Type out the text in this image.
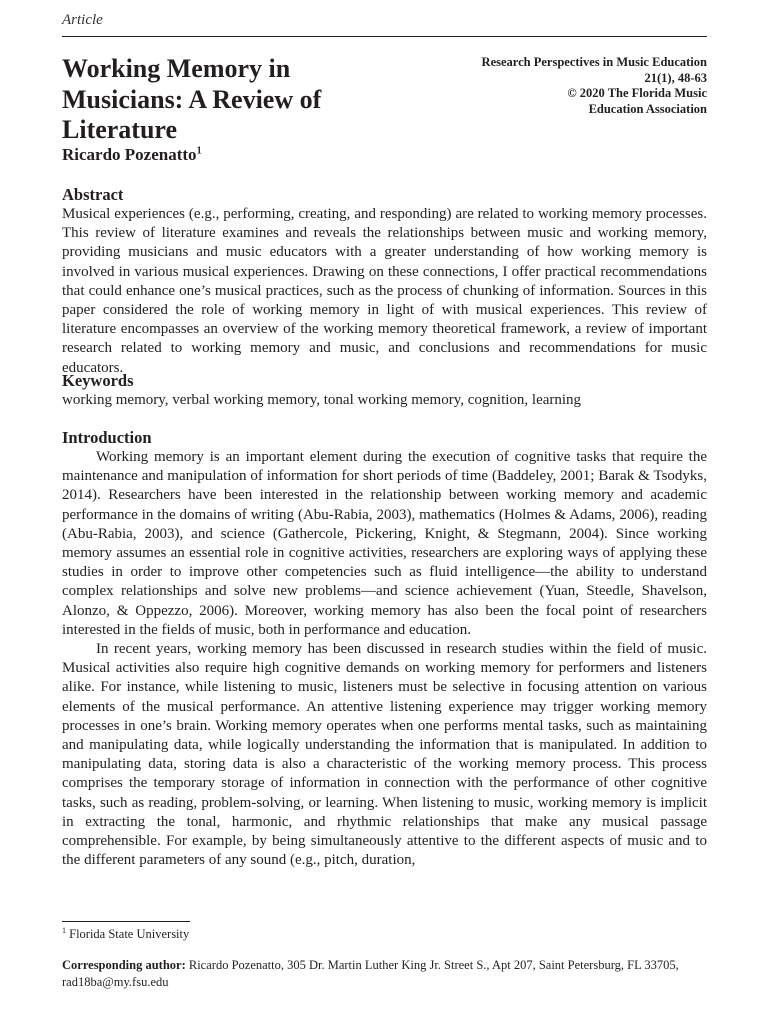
Article
Working Memory in Musicians: A Review of Literature
Research Perspectives in Music Education
21(1), 48-63
© 2020 The Florida Music
Education Association
Ricardo Pozenatto$^1$
Abstract

Musical experiences (e.g., performing, creating, and responding) are related to working memory processes. This review of literature examines and reveals the relationships between music and working memory, providing musicians and music educators with a greater understanding of how working memory is involved in various musical experiences. Drawing on these connections, I offer practical recommendations that could enhance one’s musical practices, such as the process of chunking of information. Sources in this paper considered the role of working memory in light of with musical experiences. This review of literature encompasses an overview of the working memory theoretical framework, a review of important research related to working memory and music, and conclusions and recommendations for music educators.

Keywords

working memory, verbal working memory, tonal working memory, cognition, learning

Introduction

Working memory is an important element during the execution of cognitive tasks that require the maintenance and manipulation of information for short periods of time (Baddeley, 2001; Barak & Tsodyks, 2014). Researchers have been interested in the relationship between working memory and academic performance in the domains of writing (Abu-Rabia, 2003), mathematics (Holmes & Adams, 2006), reading (Abu-Rabia, 2003), and science (Gathercole, Pickering, Knight, & Stegmann, 2004). Since working memory assumes an essential role in cognitive activities, researchers are exploring ways of applying these studies in order to improve other competencies such as fluid intelligence—the ability to understand complex relationships and solve new problems—and science achievement (Yuan, Steedle, Shavelson, Alonzo, & Oppezzo, 2006). Moreover, working memory has also been the focal point of researchers interested in the fields of music, both in performance and education.

In recent years, working memory has been discussed in research studies within the field of music. Musical activities also require high cognitive demands on working memory for performers and listeners alike. For instance, while listening to music, listeners must be selective in focusing attention on various elements of the musical performance. An attentive listening experience may trigger working memory processes in one’s brain. Working memory operates when one performs mental tasks, such as maintaining and manipulating data, while logically understanding the information that is manipulated. In addition to manipulating data, storing data is also a characteristic of the working memory process. This process comprises the temporary storage of information in connection with the performance of other cognitive tasks, such as reading, problem-solving, or learning. When listening to music, working memory is implicit in extracting the tonal, harmonic, and rhythmic relationships that make any musical passage comprehensible. For example, by being simultaneously attentive to the different aspects of music and to the different parameters of any sound (e.g., pitch, duration,

$^1$ Florida State University
Corresponding author: Ricardo Pozenatto, 305 Dr. Martin Luther King Jr. Street S., Apt 207, Saint Petersburg, FL 33705, rad18ba@my.fsu.edu
